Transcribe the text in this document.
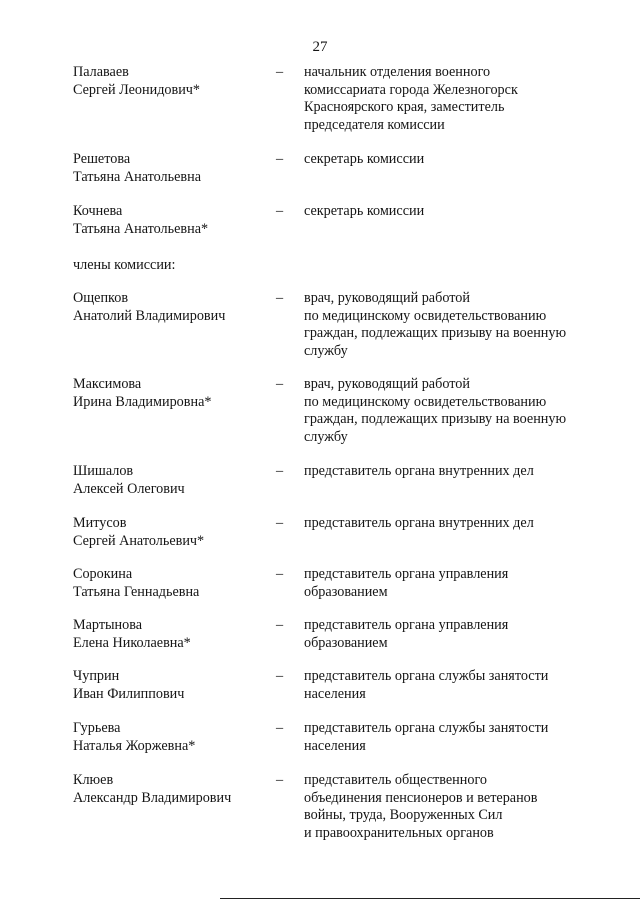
27
Палаваев
Сергей Леонидович*
– начальник отделения военного
комиссариата города Железногорск
Красноярского края, заместитель
председателя комиссии
Решетова
Татьяна Анатольевна
– секретарь комиссии
Кочнева
Татьяна Анатольевна*
– секретарь комиссии
члены комиссии:
Ощепков
Анатолий Владимирович
– врач, руководящий работой
по медицинскому освидетельствованию
граждан, подлежащих призыву на военную
службу
Максимова
Ирина Владимировна*
– врач, руководящий работой
по медицинскому освидетельствованию
граждан, подлежащих призыву на военную
службу
Шишалов
Алексей Олегович
– представитель органа внутренних дел
Митусов
Сергей Анатольевич*
– представитель органа внутренних дел
Сорокина
Татьяна Геннадьевна
– представитель органа управления
образованием
Мартынова
Елена Николаевна*
– представитель органа управления
образованием
Чуприн
Иван Филиппович
– представитель органа службы занятости
населения
Гурьева
Наталья Жоржевна*
– представитель органа службы занятости
населения
Клюев
Александр Владимирович
– представитель общественного
объединения пенсионеров и ветеранов
войны, труда, Вооруженных Сил
и правоохранительных органов
